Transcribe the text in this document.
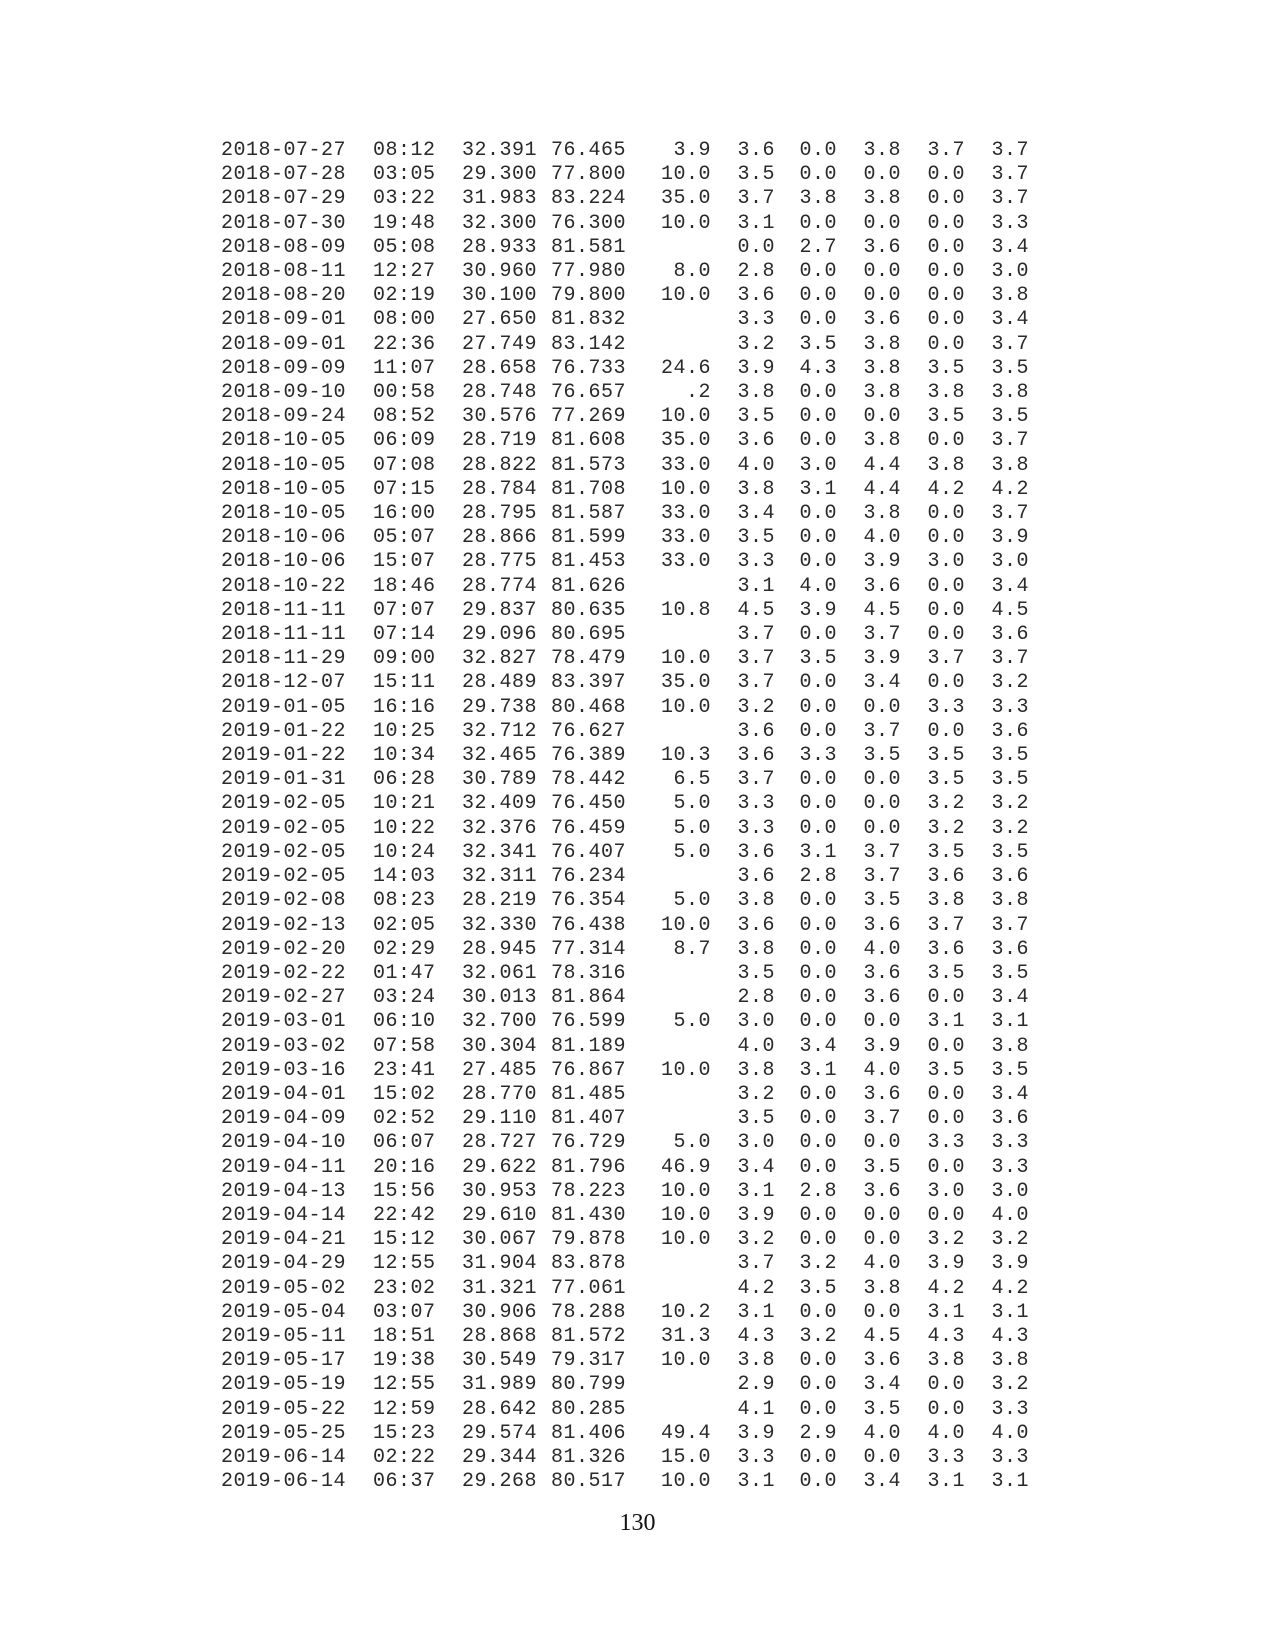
2018-07-27	08:12	32.391	76.465	3.9	3.6	0.0	3.8	3.7	3.7
2018-07-28	03:05	29.300	77.800	10.0	3.5	0.0	0.0	0.0	3.7
2018-07-29	03:22	31.983	83.224	35.0	3.7	3.8	3.8	0.0	3.7
2018-07-30	19:48	32.300	76.300	10.0	3.1	0.0	0.0	0.0	3.3
2018-08-09	05:08	28.933	81.581		0.0	2.7	3.6	0.0	3.4
2018-08-11	12:27	30.960	77.980	8.0	2.8	0.0	0.0	0.0	3.0
2018-08-20	02:19	30.100	79.800	10.0	3.6	0.0	0.0	0.0	3.8
2018-09-01	08:00	27.650	81.832		3.3	0.0	3.6	0.0	3.4
2018-09-01	22:36	27.749	83.142		3.2	3.5	3.8	0.0	3.7
2018-09-09	11:07	28.658	76.733	24.6	3.9	4.3	3.8	3.5	3.5
2018-09-10	00:58	28.748	76.657	.2	3.8	0.0	3.8	3.8	3.8
2018-09-24	08:52	30.576	77.269	10.0	3.5	0.0	0.0	3.5	3.5
2018-10-05	06:09	28.719	81.608	35.0	3.6	0.0	3.8	0.0	3.7
2018-10-05	07:08	28.822	81.573	33.0	4.0	3.0	4.4	3.8	3.8
2018-10-05	07:15	28.784	81.708	10.0	3.8	3.1	4.4	4.2	4.2
2018-10-05	16:00	28.795	81.587	33.0	3.4	0.0	3.8	0.0	3.7
2018-10-06	05:07	28.866	81.599	33.0	3.5	0.0	4.0	0.0	3.9
2018-10-06	15:07	28.775	81.453	33.0	3.3	0.0	3.9	3.0	3.0
2018-10-22	18:46	28.774	81.626		3.1	4.0	3.6	0.0	3.4
2018-11-11	07:07	29.837	80.635	10.8	4.5	3.9	4.5	0.0	4.5
2018-11-11	07:14	29.096	80.695		3.7	0.0	3.7	0.0	3.6
2018-11-29	09:00	32.827	78.479	10.0	3.7	3.5	3.9	3.7	3.7
2018-12-07	15:11	28.489	83.397	35.0	3.7	0.0	3.4	0.0	3.2
2019-01-05	16:16	29.738	80.468	10.0	3.2	0.0	0.0	3.3	3.3
2019-01-22	10:25	32.712	76.627		3.6	0.0	3.7	0.0	3.6
2019-01-22	10:34	32.465	76.389	10.3	3.6	3.3	3.5	3.5	3.5
2019-01-31	06:28	30.789	78.442	6.5	3.7	0.0	0.0	3.5	3.5
2019-02-05	10:21	32.409	76.450	5.0	3.3	0.0	0.0	3.2	3.2
2019-02-05	10:22	32.376	76.459	5.0	3.3	0.0	0.0	3.2	3.2
2019-02-05	10:24	32.341	76.407	5.0	3.6	3.1	3.7	3.5	3.5
2019-02-05	14:03	32.311	76.234		3.6	2.8	3.7	3.6	3.6
2019-02-08	08:23	28.219	76.354	5.0	3.8	0.0	3.5	3.8	3.8
2019-02-13	02:05	32.330	76.438	10.0	3.6	0.0	3.6	3.7	3.7
2019-02-20	02:29	28.945	77.314	8.7	3.8	0.0	4.0	3.6	3.6
2019-02-22	01:47	32.061	78.316		3.5	0.0	3.6	3.5	3.5
2019-02-27	03:24	30.013	81.864		2.8	0.0	3.6	0.0	3.4
2019-03-01	06:10	32.700	76.599	5.0	3.0	0.0	0.0	3.1	3.1
2019-03-02	07:58	30.304	81.189		4.0	3.4	3.9	0.0	3.8
2019-03-16	23:41	27.485	76.867	10.0	3.8	3.1	4.0	3.5	3.5
2019-04-01	15:02	28.770	81.485		3.2	0.0	3.6	0.0	3.4
2019-04-09	02:52	29.110	81.407		3.5	0.0	3.7	0.0	3.6
2019-04-10	06:07	28.727	76.729	5.0	3.0	0.0	0.0	3.3	3.3
2019-04-11	20:16	29.622	81.796	46.9	3.4	0.0	3.5	0.0	3.3
2019-04-13	15:56	30.953	78.223	10.0	3.1	2.8	3.6	3.0	3.0
2019-04-14	22:42	29.610	81.430	10.0	3.9	0.0	0.0	0.0	4.0
2019-04-21	15:12	30.067	79.878	10.0	3.2	0.0	0.0	3.2	3.2
2019-04-29	12:55	31.904	83.878		3.7	3.2	4.0	3.9	3.9
2019-05-02	23:02	31.321	77.061		4.2	3.5	3.8	4.2	4.2
2019-05-04	03:07	30.906	78.288	10.2	3.1	0.0	0.0	3.1	3.1
2019-05-11	18:51	28.868	81.572	31.3	4.3	3.2	4.5	4.3	4.3
2019-05-17	19:38	30.549	79.317	10.0	3.8	0.0	3.6	3.8	3.8
2019-05-19	12:55	31.989	80.799		2.9	0.0	3.4	0.0	3.2
2019-05-22	12:59	28.642	80.285		4.1	0.0	3.5	0.0	3.3
2019-05-25	15:23	29.574	81.406	49.4	3.9	2.9	4.0	4.0	4.0
2019-06-14	02:22	29.344	81.326	15.0	3.3	0.0	0.0	3.3	3.3
2019-06-14	06:37	29.268	80.517	10.0	3.1	0.0	3.4	3.1	3.1
130
